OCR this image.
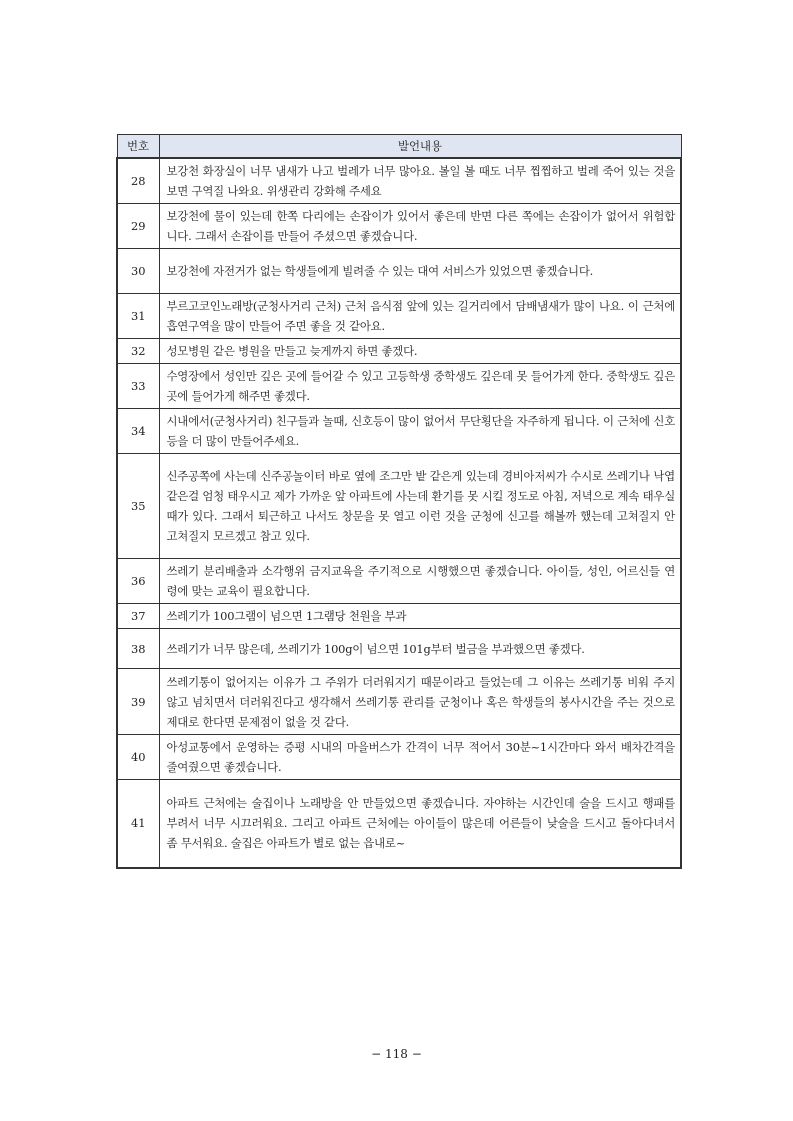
번호	발언내용
28	보강천 화장실이 너무 냄새가 나고 벌레가 너무 많아요. 볼일 볼 때도 너무 찝찝하고 벌레 죽어 있는 것을 보면 구역질 나와요. 위생관리 강화해 주세요
29	보강천에 물이 있는데 한쪽 다리에는 손잡이가 있어서 좋은데 반면 다른 쪽에는 손잡이가 없어서 위험합니다. 그래서 손잡이를 만들어 주셨으면 좋겠습니다.
30	보강천에 자전거가 없는 학생들에게 빌려줄 수 있는 대여 서비스가 있었으면 좋겠습니다.
31	부르고코인노래방(군청사거리 근처) 근처 음식점 앞에 있는 길거리에서 담배냄새가 많이 나요. 이 근처에 흡연구역을 많이 만들어 주면 좋을 것 같아요.
32	성모병원 같은 병원을 만들고 늦게까지 하면 좋겠다.
33	수영장에서 성인만 깊은 곳에 들어갈 수 있고 고등학생 중학생도 깊은데 못 들어가게 한다. 중학생도 깊은 곳에 들어가게 해주면 좋겠다.
34	시내에서(군청사거리) 친구들과 놀때, 신호등이 많이 없어서 무단횡단을 자주하게 됩니다. 이 근처에 신호등을 더 많이 만들어주세요.
35	신주공쪽에 사는데 신주공놀이터 바로 옆에 조그만 밭 같은게 있는데 경비아저씨가 수시로 쓰레기나 낙엽 같은걸 엄청 태우시고 제가 가까운 앞 아파트에 사는데 환기를 못 시킬 정도로 아침, 저녁으로 계속 태우실 때가 있다. 그래서 퇴근하고 나서도 창문을 못 열고 이런 것을 군청에 신고를 해볼까 했는데 고쳐질지 안 고쳐질지 모르겠고 참고 있다.
36	쓰레기 분리배출과 소각행위 금지교육을 주기적으로 시행했으면 좋겠습니다. 아이들, 성인, 어르신들 연령에 맞는 교육이 필요합니다.
37	쓰레기가 100그램이 넘으면 1그램당 천원을 부과
38	쓰레기가 너무 많은데, 쓰레기가 100g이 넘으면 101g부터 벌금을 부과했으면 좋겠다.
39	쓰레기통이 없어지는 이유가 그 주위가 더러워지기 때문이라고 들었는데 그 이유는 쓰레기통 비워 주지 않고 넘치면서 더러워진다고 생각해서 쓰레기통 관리를 군청이나 혹은 학생들의 봉사시간을 주는 것으로 제대로 한다면 문제점이 없을 것 같다.
40	아성교통에서 운영하는 증평 시내의 마을버스가 간격이 너무 적어서 30분~1시간마다 와서 배차간격을 줄여줬으면 좋겠습니다.
41	아파트 근처에는 술집이나 노래방을 안 만들었으면 좋겠습니다. 자야하는 시간인데 술을 드시고 행패를 부려서 너무 시끄러워요. 그리고 아파트 근처에는 아이들이 많은데 어른들이 낮술을 드시고 돌아다녀서 좀 무서워요. 술집은 아파트가 별로 없는 읍내로~
− 118 −
